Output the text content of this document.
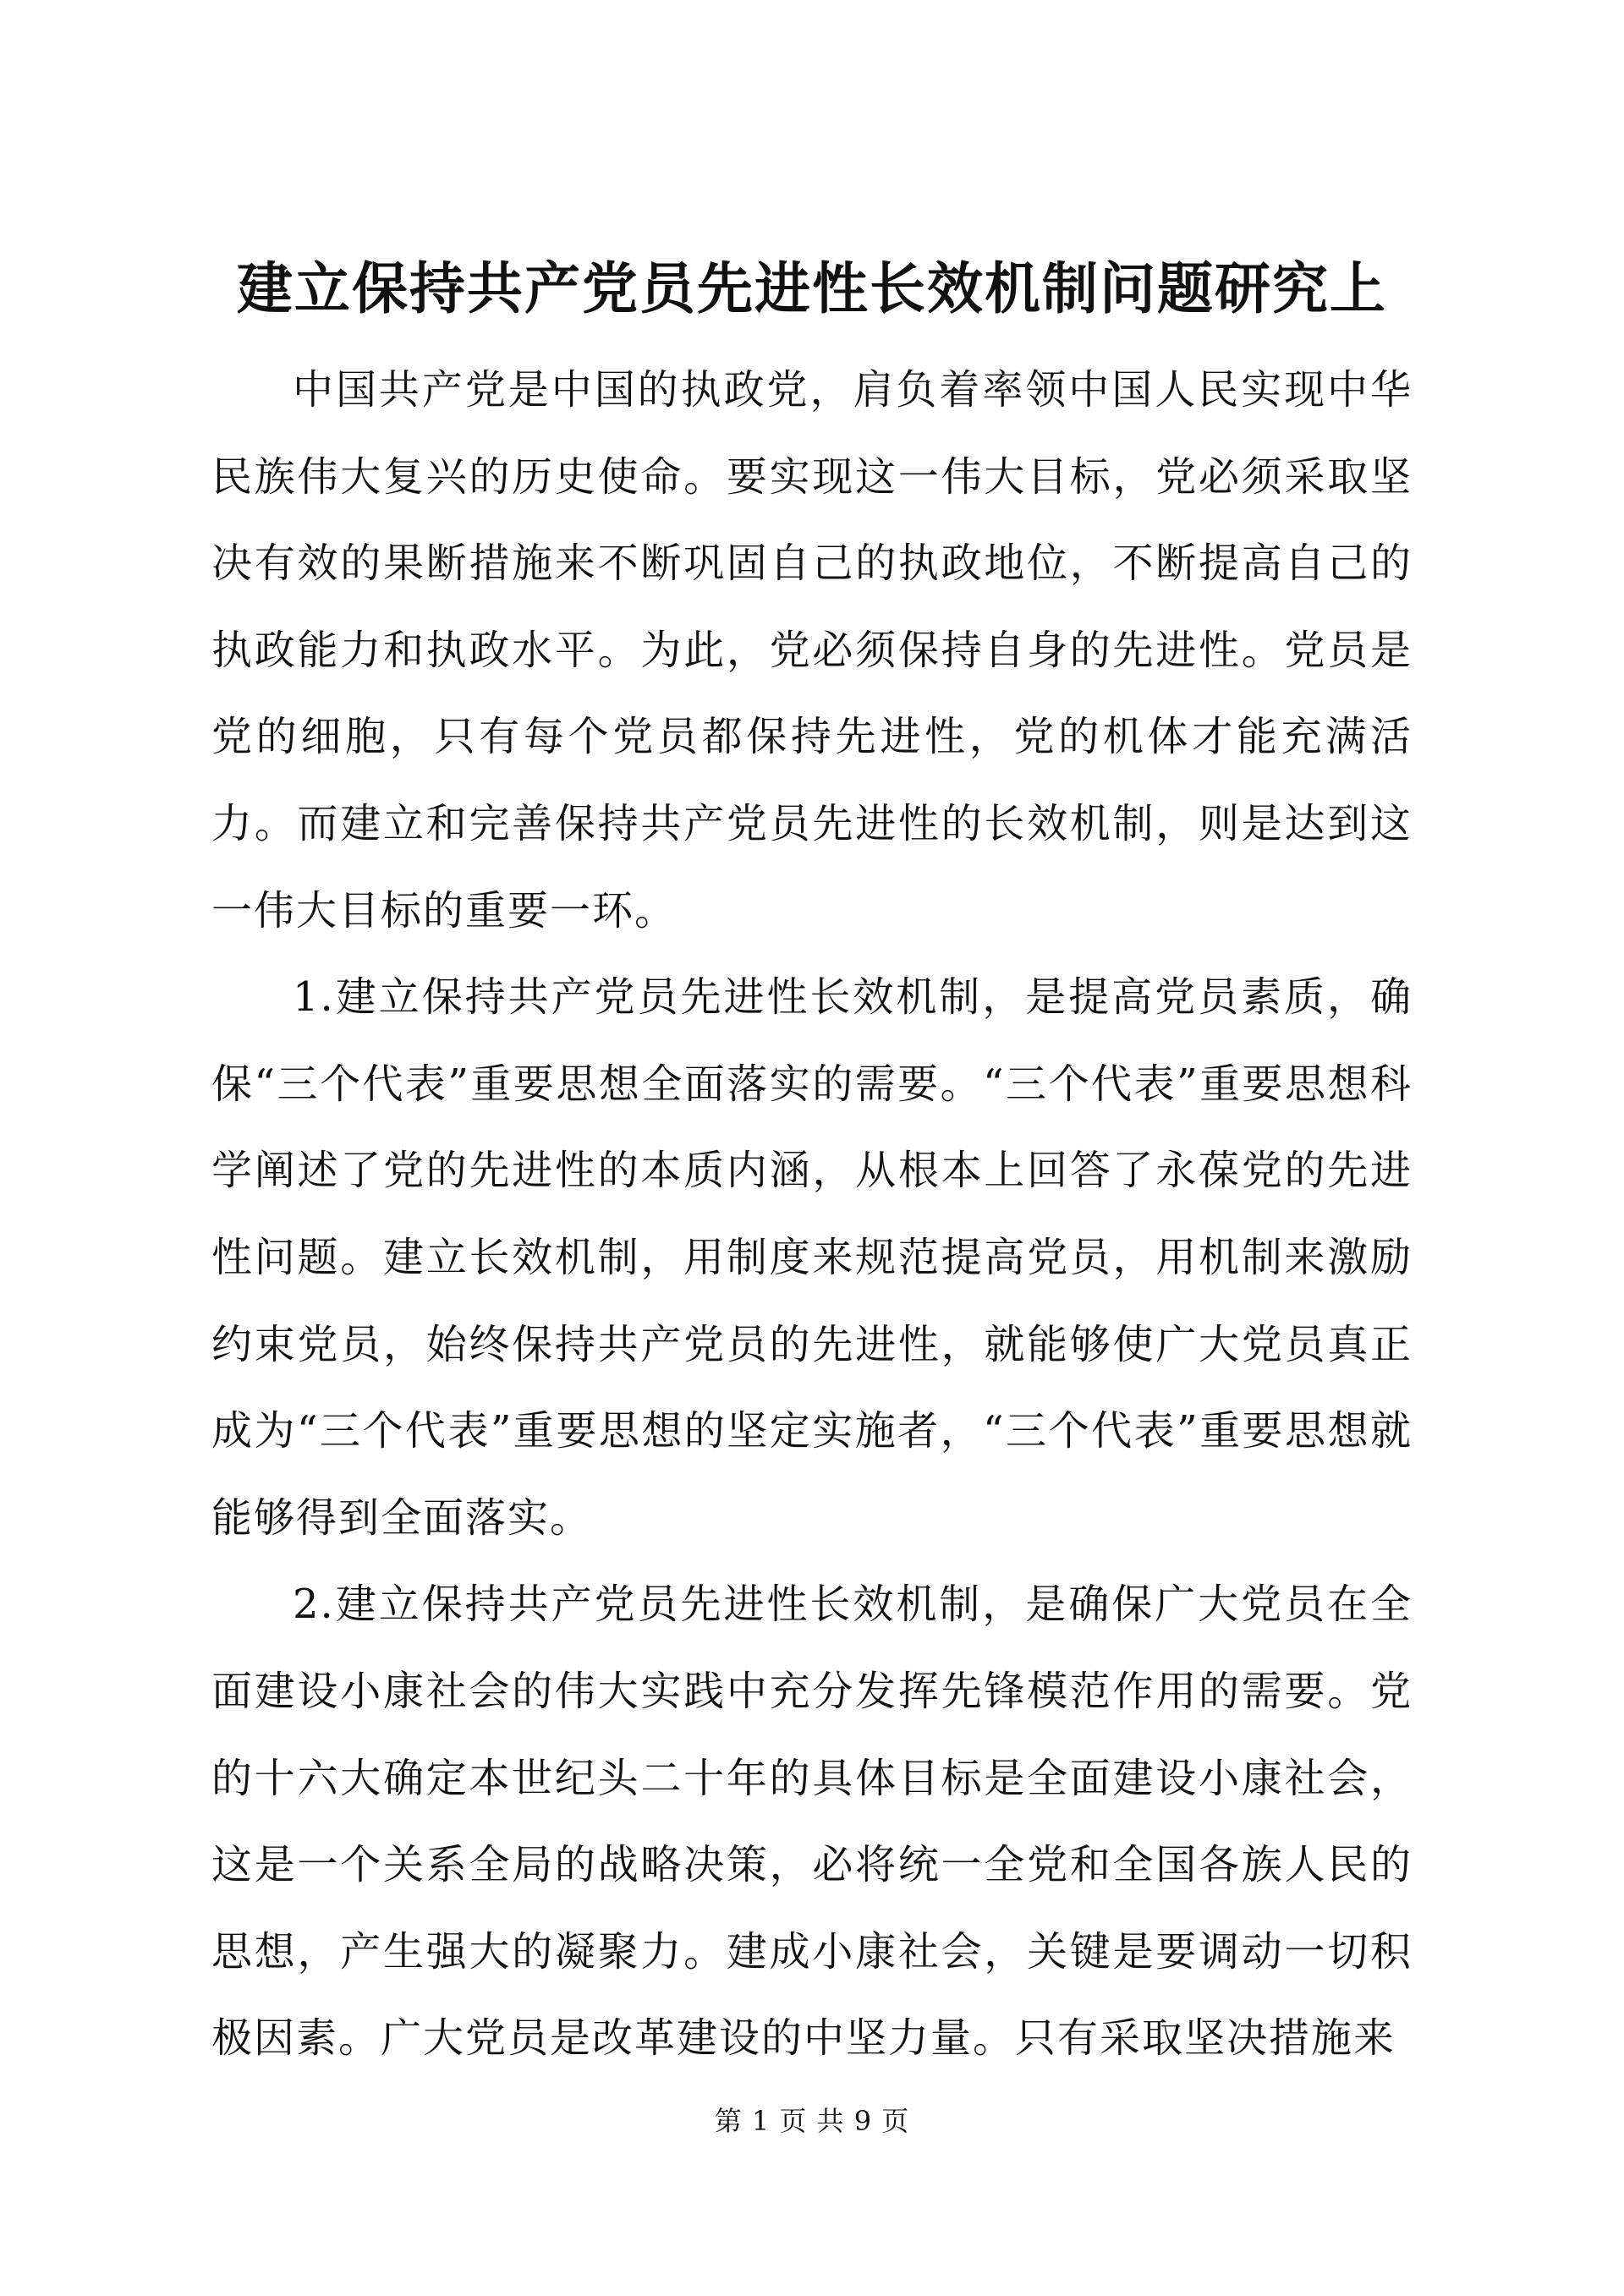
建立保持共产党员先进性长效机制问题研究上

中国共产党是中国的执政党，肩负着率领中国人民实现中华民族伟大复兴的历史使命。要实现这一伟大目标，党必须采取坚决有效的果断措施来不断巩固自己的执政地位，不断提高自己的执政能力和执政水平。为此，党必须保持自身的先进性。党员是党的细胞，只有每个党员都保持先进性，党的机体才能充满活力。而建立和完善保持共产党员先进性的长效机制，则是达到这一伟大目标的重要一环。

1.建立保持共产党员先进性长效机制，是提高党员素质，确保“三个代表”重要思想全面落实的需要。“三个代表”重要思想科学阐述了党的先进性的本质内涵，从根本上回答了永葆党的先进性问题。建立长效机制，用制度来规范提高党员，用机制来激励约束党员，始终保持共产党员的先进性，就能够使广大党员真正成为“三个代表”重要思想的坚定实施者，“三个代表”重要思想就能够得到全面落实。

2.建立保持共产党员先进性长效机制，是确保广大党员在全面建设小康社会的伟大实践中充分发挥先锋模范作用的需要。党的十六大确定本世纪头二十年的具体目标是全面建设小康社会，这是一个关系全局的战略决策，必将统一全党和全国各族人民的思想，产生强大的凝聚力。建成小康社会，关键是要调动一切积极因素。广大党员是改革建设的中坚力量。只有采取坚决措施来

第 1 页 共 9 页
